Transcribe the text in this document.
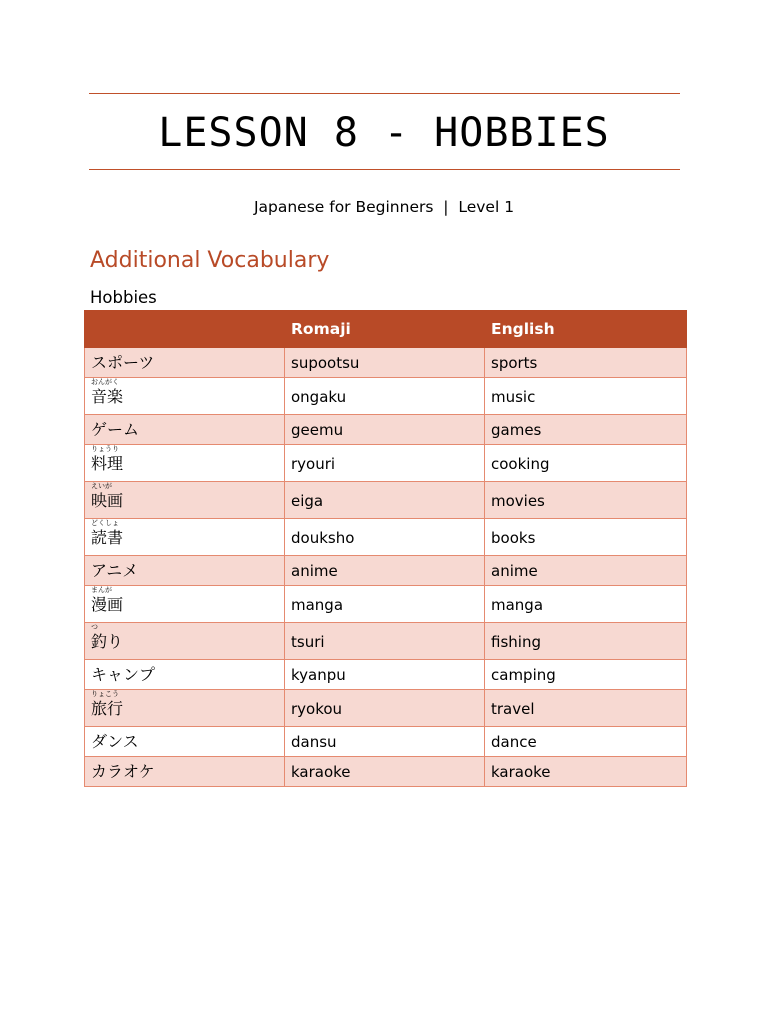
LESSON 8 - HOBBIES
Japanese for Beginners  |  Level 1
Additional Vocabulary
Hobbies
	Romaji	English
スポーツ	supootsu	sports

おんがく
音楽	ongaku	music
ゲーム	geemu	games

りょうり
料理	ryouri	cooking

えいが
映画	eiga	movies

どくしょ
読書	douksho	books
アニメ	anime	anime

まんが
漫画	manga	manga

つ
釣り	tsuri	fishing
キャンプ	kyanpu	camping

りょこう
旅行	ryokou	travel
ダンス	dansu	dance
カラオケ	karaoke	karaoke
